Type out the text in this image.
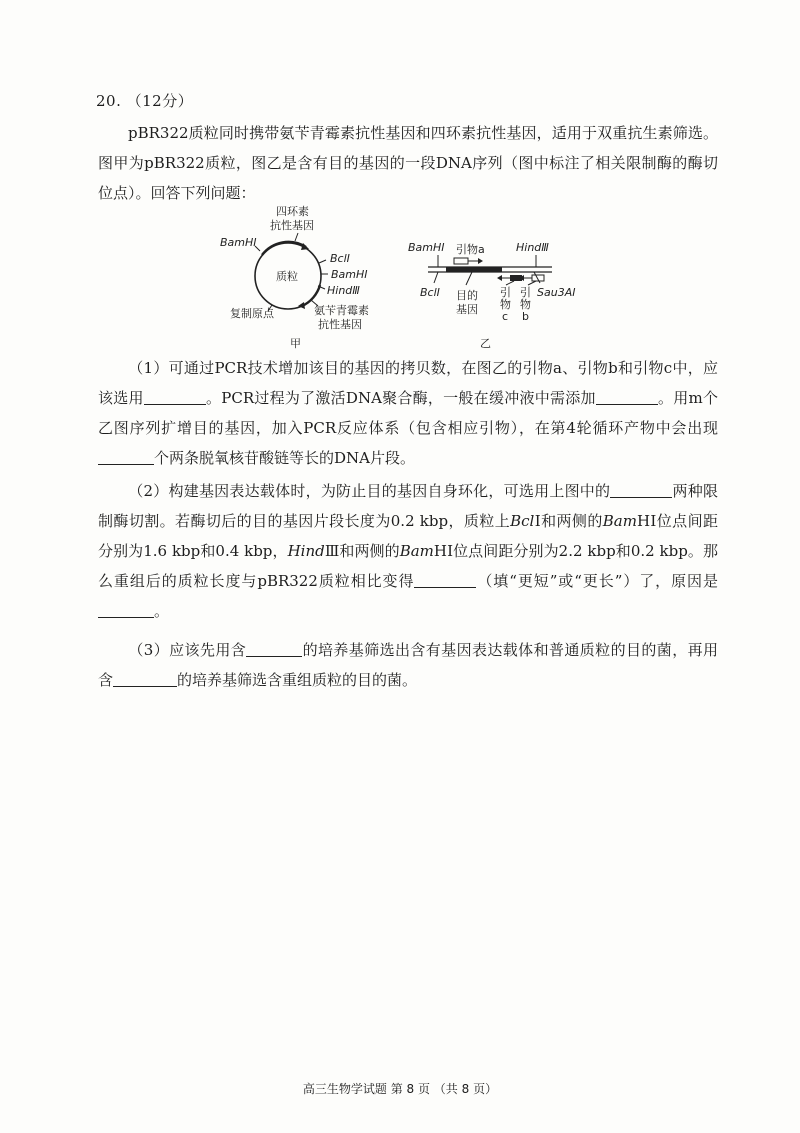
20. （12分）
pBR322质粒同时携带氨苄青霉素抗性基因和四环素抗性基因，适用于双重抗生素筛选。图甲为pBR322质粒，图乙是含有目的基因的一段DNA序列（图中标注了相关限制酶的酶切位点）。回答下列问题：
四环素
抗性基因
BamHⅠ
质粒
BclⅠ
BamHⅠ
HindⅢ
复制原点	氨苄青霉素
抗性基因
甲
BamHⅠ 引物a	HindⅢ
BclⅠ 目的
基因
引
物
c
引
物
b
Sau3AⅠ
乙
（1）可通过PCR技术增加该目的基因的拷贝数，在图乙的引物a、引物b和引物c中，应该选用	。PCR过程为了激活DNA聚合酶，一般在缓冲液中需添加	。用m个乙图序列扩增目的基因，加入PCR反应体系（包含相应引物），在第4轮循环产物中会出现个两条脱氧核苷酸链等长的DNA片段。
（2）构建基因表达载体时，为防止目的基因自身环化，可选用上图中的	两种限制酶切割。若酶切后的目的基因片段长度为0.2 kbp，质粒上BclⅠ和两侧的BamHⅠ位点间距分别为1.6 kbp和0.4 kbp，HindⅢ和两侧的BamHⅠ位点间距分别为2.2 kbp和0.2 kbp。那么重组后的质粒长度与pBR322质粒相比变得	（填“更短”或“更长”）了，原因是。
（3）应该先用含	的培养基筛选出含有基因表达载体和普通质粒的目的菌，再用含	的培养基筛选含重组质粒的目的菌。
高三生物学试题 第 8 页 （共 8 页）
